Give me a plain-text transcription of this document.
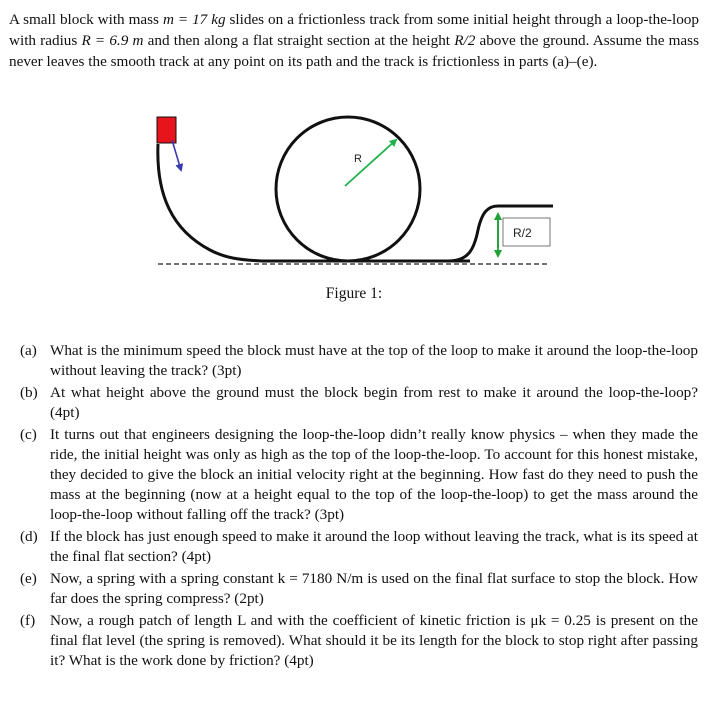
A small block with mass m = 17 kg slides on a frictionless track from some initial height through a loop-the-loop with radius R = 6.9 m and then along a flat straight section at the height R/2 above the ground. Assume the mass never leaves the smooth track at any point on its path and the track is frictionless in parts (a)–(e).
R
R/2
Figure 1:
(a) What is the minimum speed the block must have at the top of the loop to make it around the loop-the-loop without leaving the track? (3pt)
(b) At what height above the ground must the block begin from rest to make it around the loop-the-loop? (4pt)
(c) It turns out that engineers designing the loop-the-loop didn’t really know physics – when they made the ride, the initial height was only as high as the top of the loop-the-loop. To account for this honest mistake, they decided to give the block an initial velocity right at the beginning. How fast do they need to push the mass at the beginning (now at a height equal to the top of the loop-the-loop) to get the mass around the loop-the-loop without falling off the track? (3pt)
(d) If the block has just enough speed to make it around the loop without leaving the track, what is its speed at the final flat section? (4pt)
(e) Now, a spring with a spring constant k = 7180 N/m is used on the final flat surface to stop the block. How far does the spring compress? (2pt)
(f) Now, a rough patch of length L and with the coefficient of kinetic friction is μk = 0.25 is present on the final flat level (the spring is removed). What should it be its length for the block to stop right after passing it? What is the work done by friction? (4pt)
